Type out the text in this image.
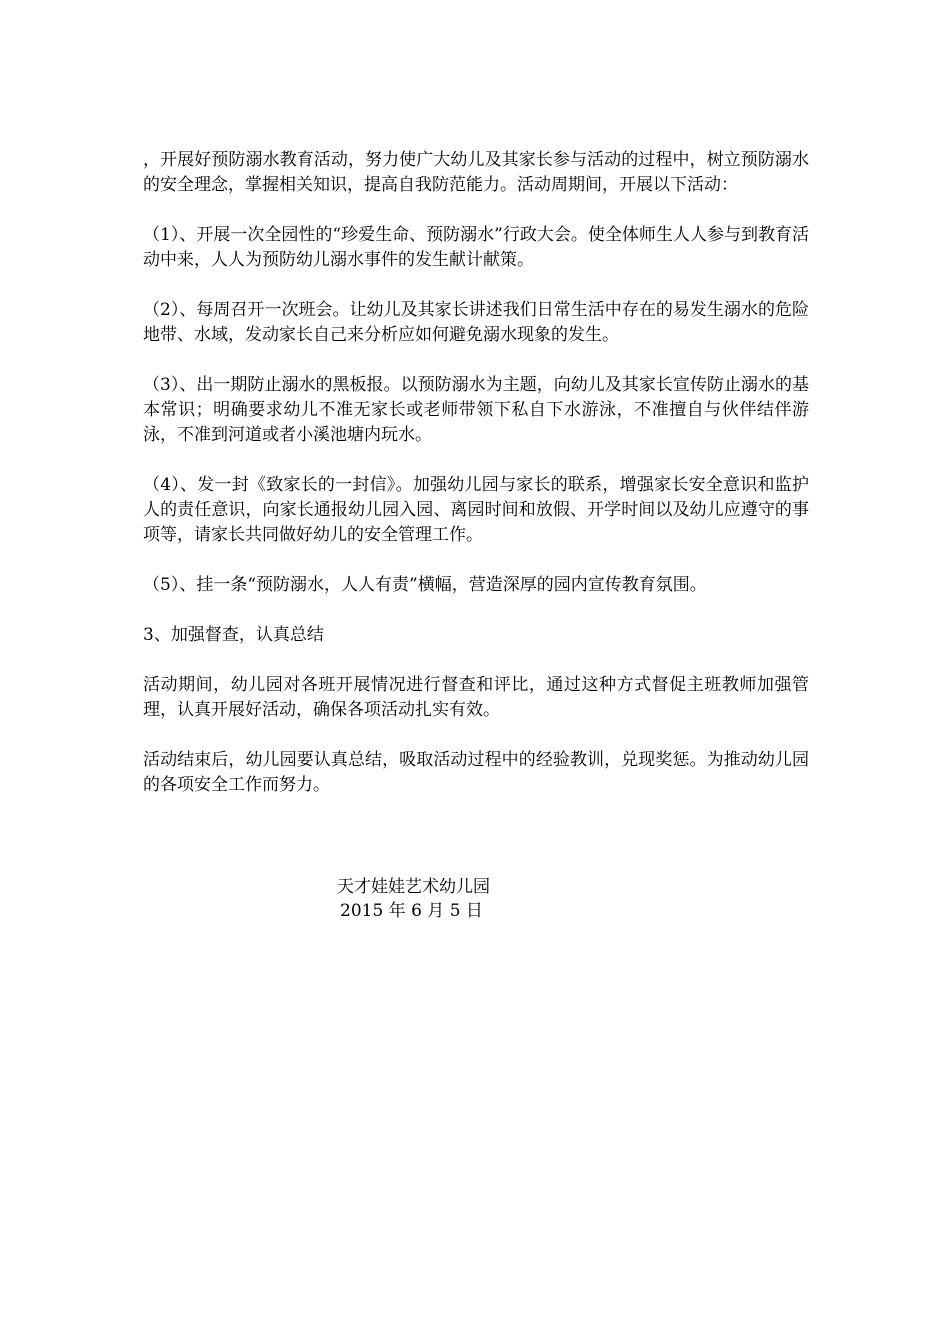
，开展好预防溺水教育活动，努力使广大幼儿及其家长参与活动的过程中，树立预防溺水的安全理念，掌握相关知识，提高自我防范能力。活动周期间，开展以下活动：

（1）、开展一次全园性的“珍爱生命、预防溺水”行政大会。使全体师生人人参与到教育活动中来，人人为预防幼儿溺水事件的发生献计献策。

（2）、每周召开一次班会。让幼儿及其家长讲述我们日常生活中存在的易发生溺水的危险地带、水域，发动家长自己来分析应如何避免溺水现象的发生。

（3）、出一期防止溺水的黑板报。以预防溺水为主题，向幼儿及其家长宣传防止溺水的基本常识；明确要求幼儿不准无家长或老师带领下私自下水游泳，不准擅自与伙伴结伴游泳，不准到河道或者小溪池塘内玩水。

（4）、发一封《致家长的一封信》。加强幼儿园与家长的联系，增强家长安全意识和监护人的责任意识，向家长通报幼儿园入园、离园时间和放假、开学时间以及幼儿应遵守的事项等，请家长共同做好幼儿的安全管理工作。

（5）、挂一条“预防溺水，人人有责”横幅，营造深厚的园内宣传教育氛围。

3、加强督查，认真总结

活动期间，幼儿园对各班开展情况进行督查和评比，通过这种方式督促主班教师加强管理，认真开展好活动，确保各项活动扎实有效。

活动结束后，幼儿园要认真总结，吸取活动过程中的经验教训，兑现奖惩。为推动幼儿园的各项安全工作而努力。

天才娃娃艺术幼儿园
2015 年 6 月 5 日
